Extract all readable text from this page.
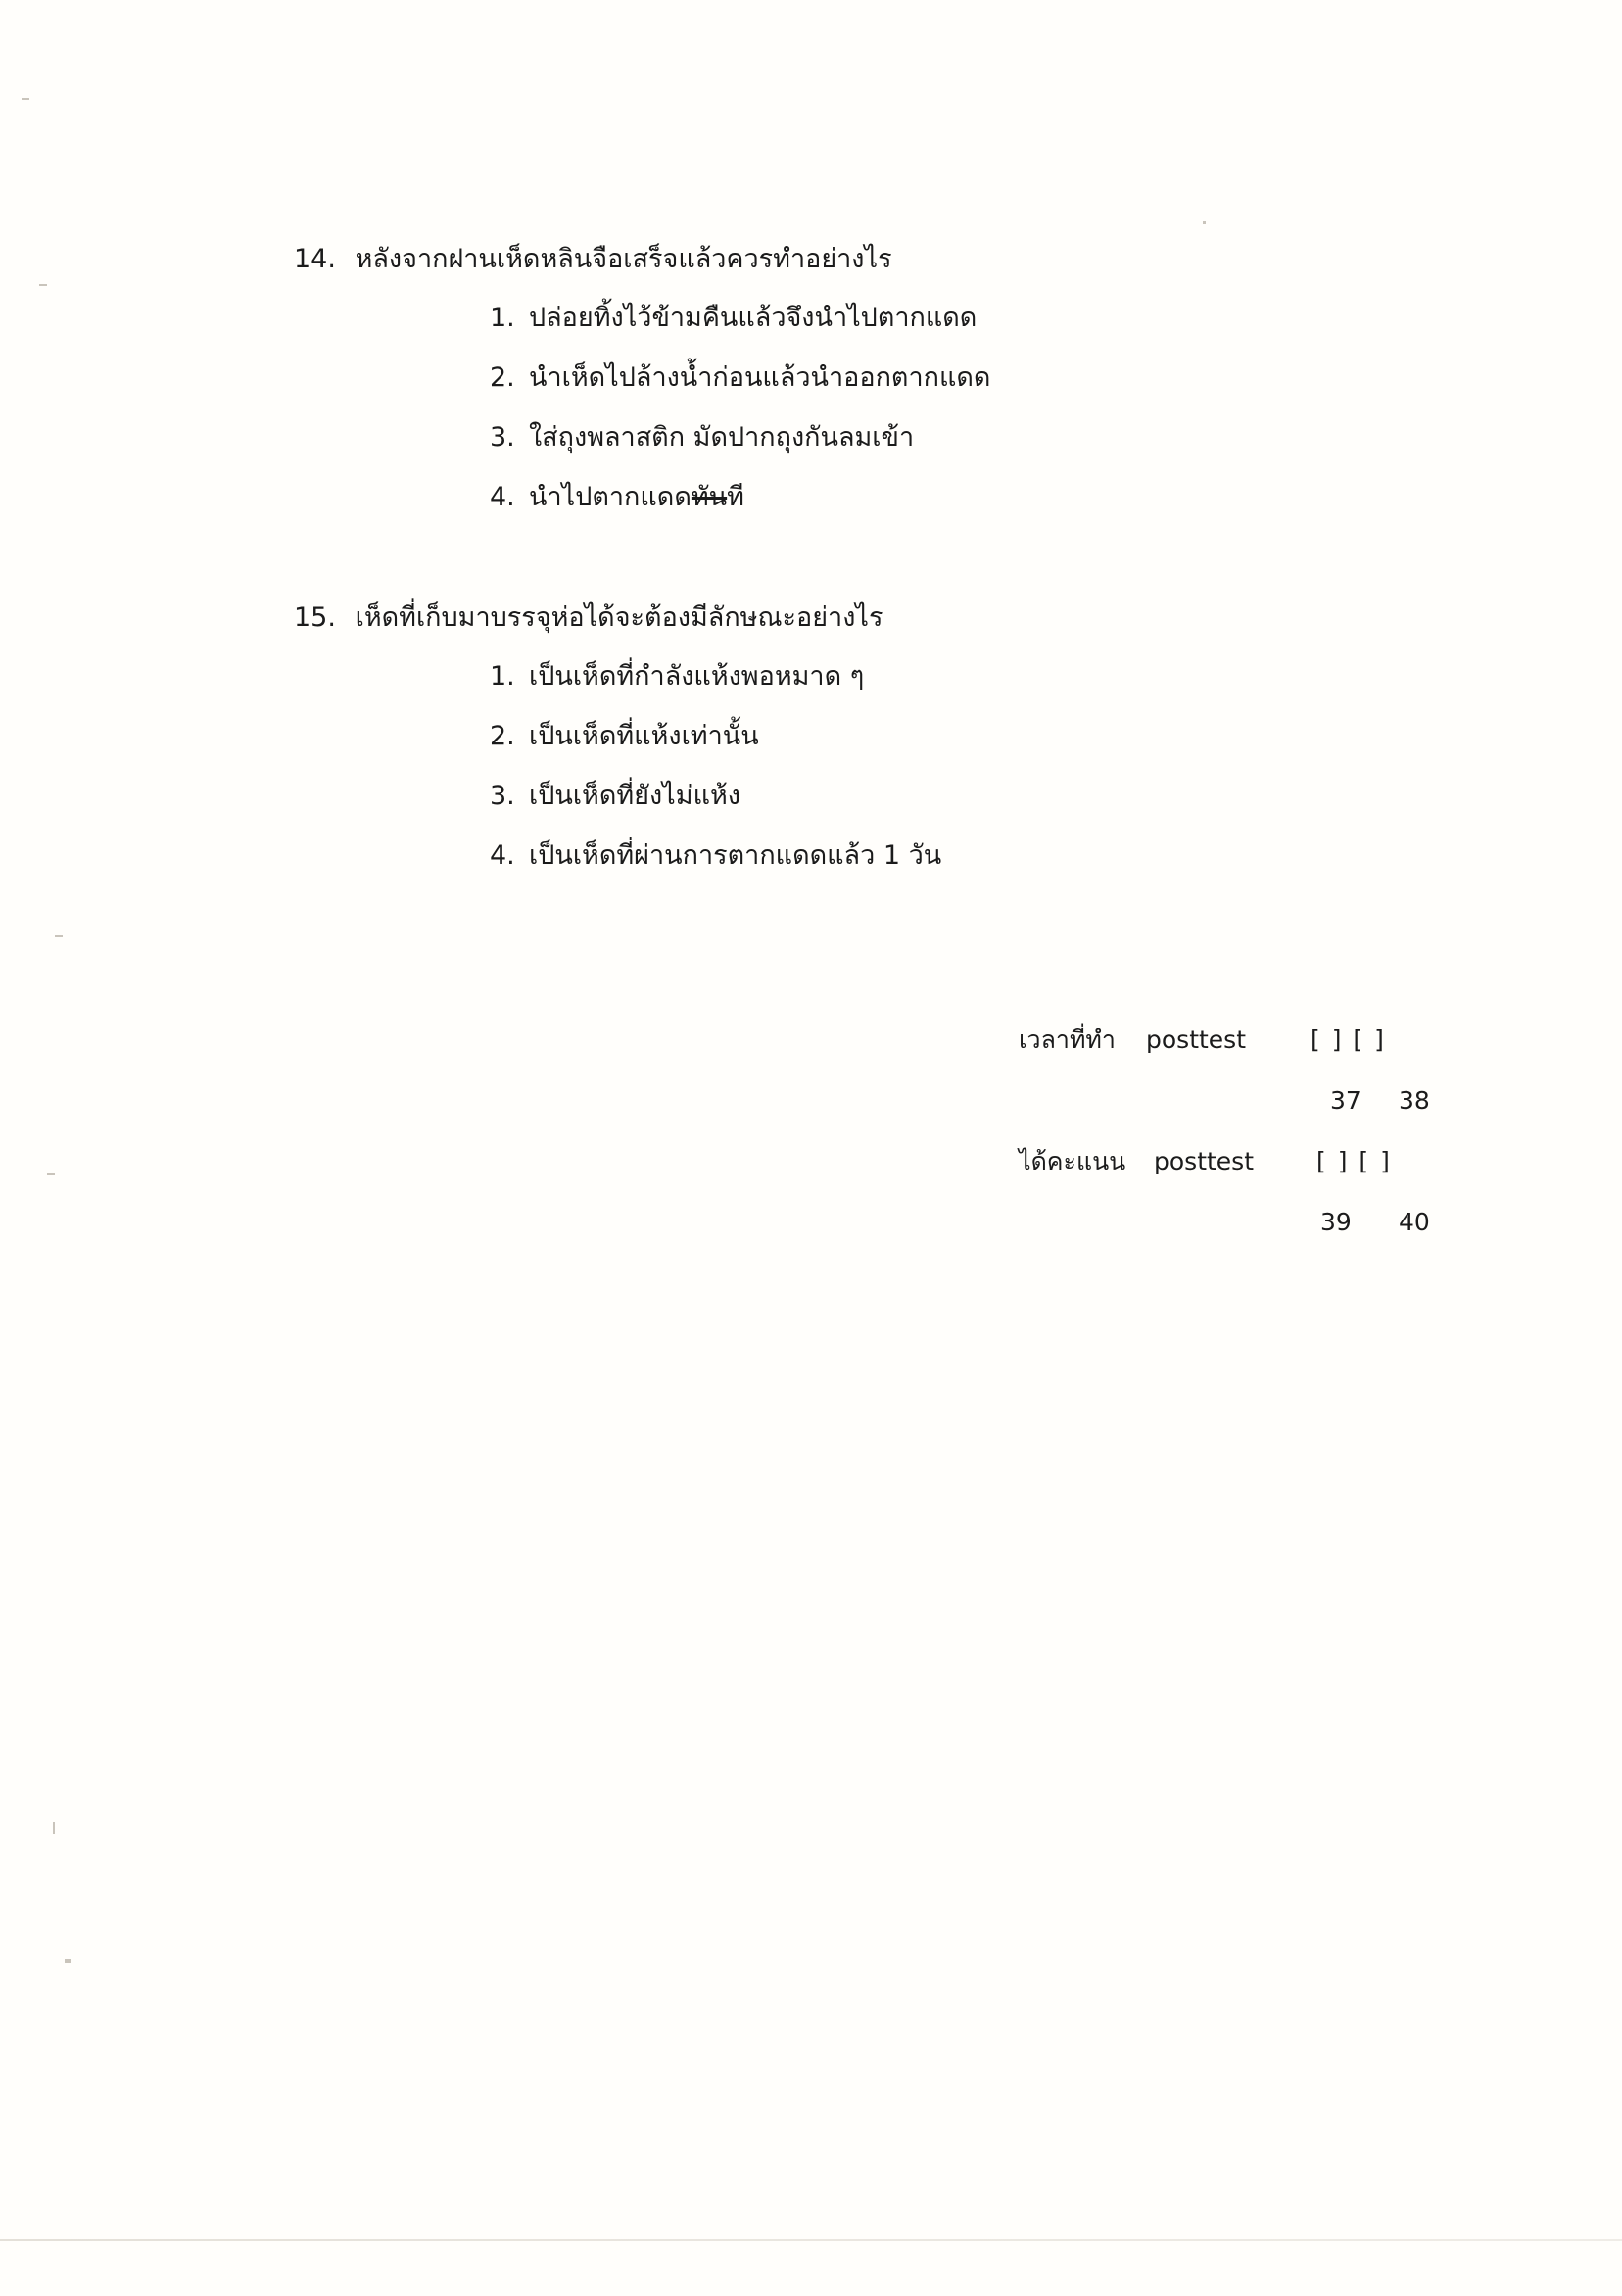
14. หลังจากฝานเห็ดหลินจือเสร็จแล้วควรทำอย่างไร
1. ปล่อยทิ้งไว้ข้ามคืนแล้วจึงนำไปตากแดด
2. นำเห็ดไปล้างน้ำก่อนแล้วนำออกตากแดด
3. ใส่ถุงพลาสติก มัดปากถุงกันลมเข้า
4. นำไปตากแดดทันที
15. เห็ดที่เก็บมาบรรจุห่อได้จะต้องมีลักษณะอย่างไร
1. เป็นเห็ดที่กำลังแห้งพอหมาด ๆ
2. เป็นเห็ดที่แห้งเท่านั้น
3. เป็นเห็ดที่ยังไม่แห้ง
4. เป็นเห็ดที่ผ่านการตากแดดแล้ว 1 วัน
เวลาที่ทำ posttest	[ ] [ ]
37 38
ได้คะแนน posttest	[ ] [ ]
39 40
